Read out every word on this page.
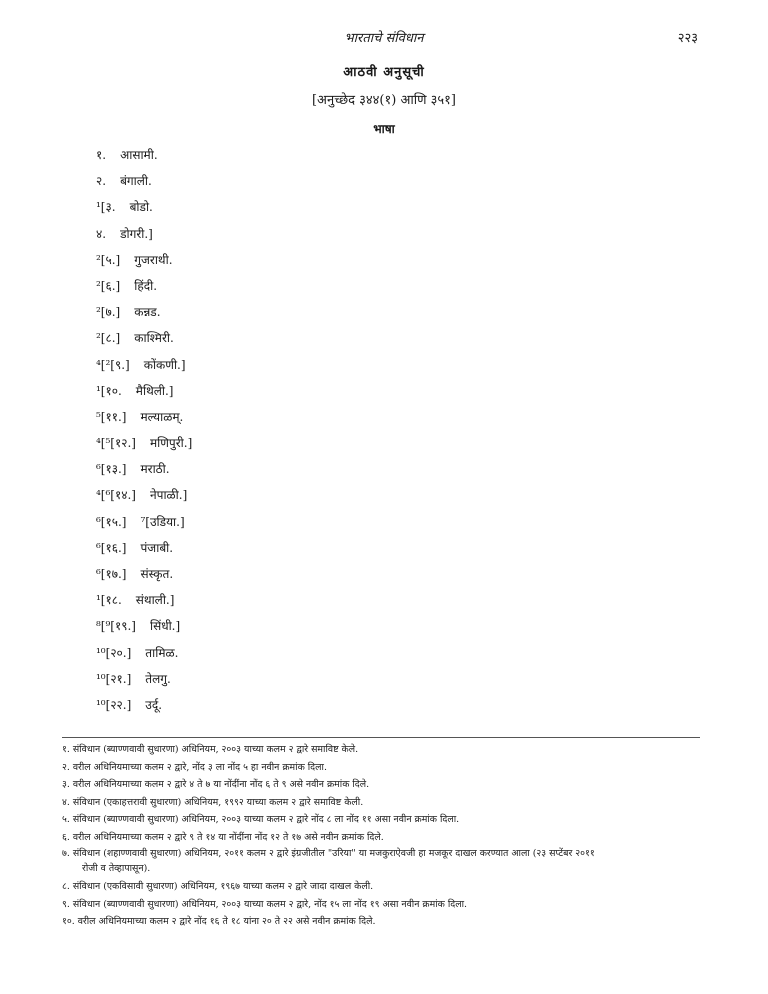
भारताचे संविधान	२२३
आठवी अनुसूची
[अनुच्छेद ३४४(१) आणि ३५१]
भाषा
१. आसामी.
२. बंगाली.
¹[३. बोडो.
४. डोगरी.]
²[५.] गुजराथी.
²[६.] हिंदी.
²[७.] कन्नड.
²[८.] काश्मिरी.
⁴[²[९.] कोंकणी.]
¹[१०. मैथिली.]
⁵[११.] मल्याळम्.
⁴[⁵[१२.] मणिपुरी.]
⁶[१३.] मराठी.
⁴[⁶[१४.] नेपाळी.]
⁶[१५.] ⁷[उडिया.]
⁶[१६.] पंजाबी.
⁶[१७.] संस्कृत.
¹[१८. संथाली.]
⁸[⁹[१९.] सिंधी.]
¹⁰[२०.] तामिळ.
¹⁰[२१.] तेलगु.
¹⁰[२२.] उर्दू.
१. संविधान (ब्याण्णवावी सुधारणा) अधिनियम, २००३ याच्या कलम २ द्वारे समाविष्ट केले.
२. वरील अधिनियमाच्या कलम २ द्वारे, नोंद ३ ला नोंद ५ हा नवीन क्रमांक दिला.
३. वरील अधिनियमाच्या कलम २ द्वारे ४ ते ७ या नोंदींना नोंद ६ ते ९ असे नवीन क्रमांक दिले.
४. संविधान (एकाहत्तरावी सुधारणा) अधिनियम, १९९२ याच्या कलम २ द्वारे समाविष्ट केली.
५. संविधान (ब्याण्णवावी सुधारणा) अधिनियम, २००३ याच्या कलम २ द्वारे नोंद ८ ला नोंद ११ असा नवीन क्रमांक दिला.
६. वरील अधिनियमाच्या कलम २ द्वारे ९ ते १४ या नोंदींना नोंद १२ ते १७ असे नवीन क्रमांक दिले.
७. संविधान (शहाण्णवावी सुधारणा) अधिनियम, २०११ कलम २ द्वारे इंग्रजीतील "उरिया" या मजकुराऐवजी हा मजकूर दाखल करण्यात आला (२३ सप्टेंबर २०११
रोजी व तेव्हापासून).
८. संविधान (एकविसावी सुधारणा) अधिनियम, १९६७ याच्या कलम २ द्वारे जादा दाखल केली.
९. संविधान (ब्याण्णवावी सुधारणा) अधिनियम, २००३ याच्या कलम २ द्वारे, नोंद १५ ला नोंद १९ असा नवीन क्रमांक दिला.
१०. वरील अधिनियमाच्या कलम २ द्वारे नोंद १६ ते १८ यांना २० ते २२ असे नवीन क्रमांक दिले.
